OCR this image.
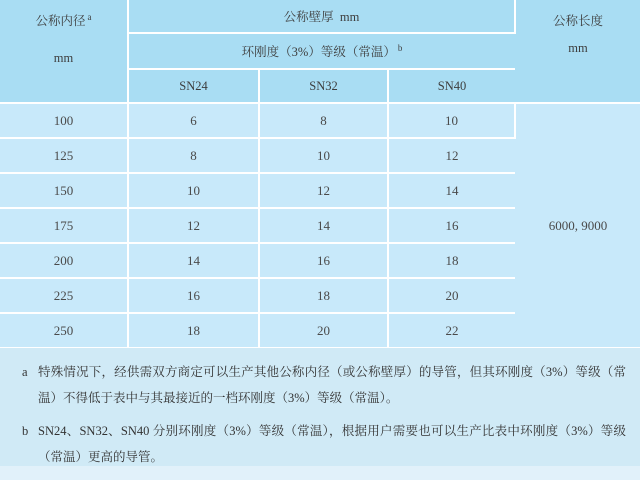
公称内径 $^a$
mm
	公称壁厚  mm	公称长度
mm

	环刚度（3%）等级（常温） $^b$
	SN24	SN32	SN40	
100	6	8	10	6000, 9000
125	8	10	12	
150	10	12	14	
175	12	14	16	
200	14	16	18	
225	16	18	20	
250	18	20	22	
a 特殊情况下，经供需双方商定可以生产其他公称内径（或公称壁厚）的导管，但其环刚度（3%）等级（常温）不得低于表中与其最接近的一档环刚度（3%）等级（常温）。
b SN24、SN32、SN40 分别环刚度（3%）等级（常温），根据用户需要也可以生产比表中环刚度（3%）等级（常温）更高的导管。
